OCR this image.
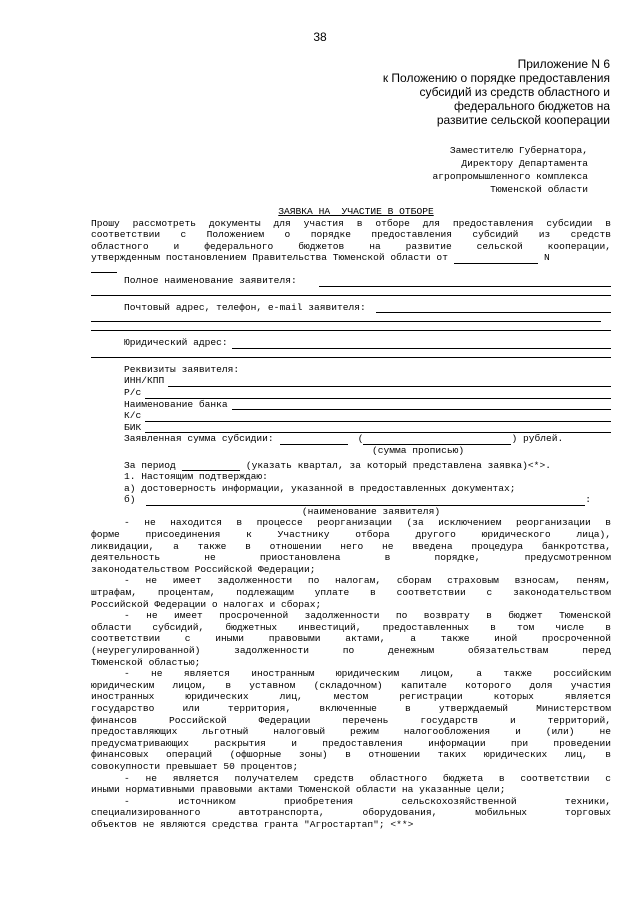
38
Приложение N 6
к Положению о порядке предоставления
субсидий из средств областного и
федерального бюджетов на
развитие сельской кооперации
Заместителю Губернатора,
Директору Департамента
агропромышленного комплекса
Тюменской области
ЗАЯВКА НА  УЧАСТИЕ В ОТБОРЕ
Прошу рассмотреть документы для участия в отборе для предоставления субсидии в
соответствии с Положением о порядке предоставления субсидий из средств
областного и федерального бюджетов на развитие сельской кооперации,
утвержденным постановлением Правительства Тюменской области от	N
Полное наименование заявителя:
Почтовый адрес, телефон, e-mail заявителя:
Юридический адрес:
Реквизиты заявителя:
ИНН/КПП
Р/с
Наименование банка
К/с
БИК
Заявленная сумма субсидии:	(	) рублей.
(сумма прописью)
За период	(указать квартал, за который представлена заявка)<*>.
1. Настоящим подтверждаю:
а) достоверность информации, указанной в предоставленных документах;
б)	:
(наименование заявителя)
- не находится в процессе реорганизации (за исключением реорганизации в
форме присоединения к Участнику отбора другого юридического лица),
ликвидации, а также в отношении него не введена процедура банкротства,
деятельность не приостановлена в порядке, предусмотренном
законодательством Российской Федерации;
- не имеет задолженности по налогам, сборам страховым взносам, пеням,
штрафам, процентам, подлежащим уплате в соответствии с законодательством
Российской Федерации о налогах и сборах;
- не имеет просроченной задолженности по возврату в бюджет Тюменской
области субсидий, бюджетных инвестиций, предоставленных в том числе в
соответствии с иными правовыми актами, а также иной просроченной
(неурегулированной) задолженности по денежным обязательствам перед
Тюменской областью;
- не является иностранным юридическим лицом, а также российским
юридическим лицом, в уставном (складочном) капитале которого доля участия
иностранных юридических лиц, местом регистрации которых является
государство или территория, включенные в утверждаемый Министерством
финансов Российской Федерации перечень государств и территорий,
предоставляющих льготный налоговый режим налогообложения и (или) не
предусматривающих раскрытия и предоставления информации при проведении
финансовых операций (офшорные зоны) в отношении таких юридических лиц, в
совокупности превышает 50 процентов;
- не является получателем средств областного бюджета в соответствии с
иными нормативными правовыми актами Тюменской области на указанные цели;
- источником приобретения сельскохозяйственной техники,
специализированного автотранспорта, оборудования, мобильных торговых
объектов не являются средства гранта "Агростартап"; <**>
